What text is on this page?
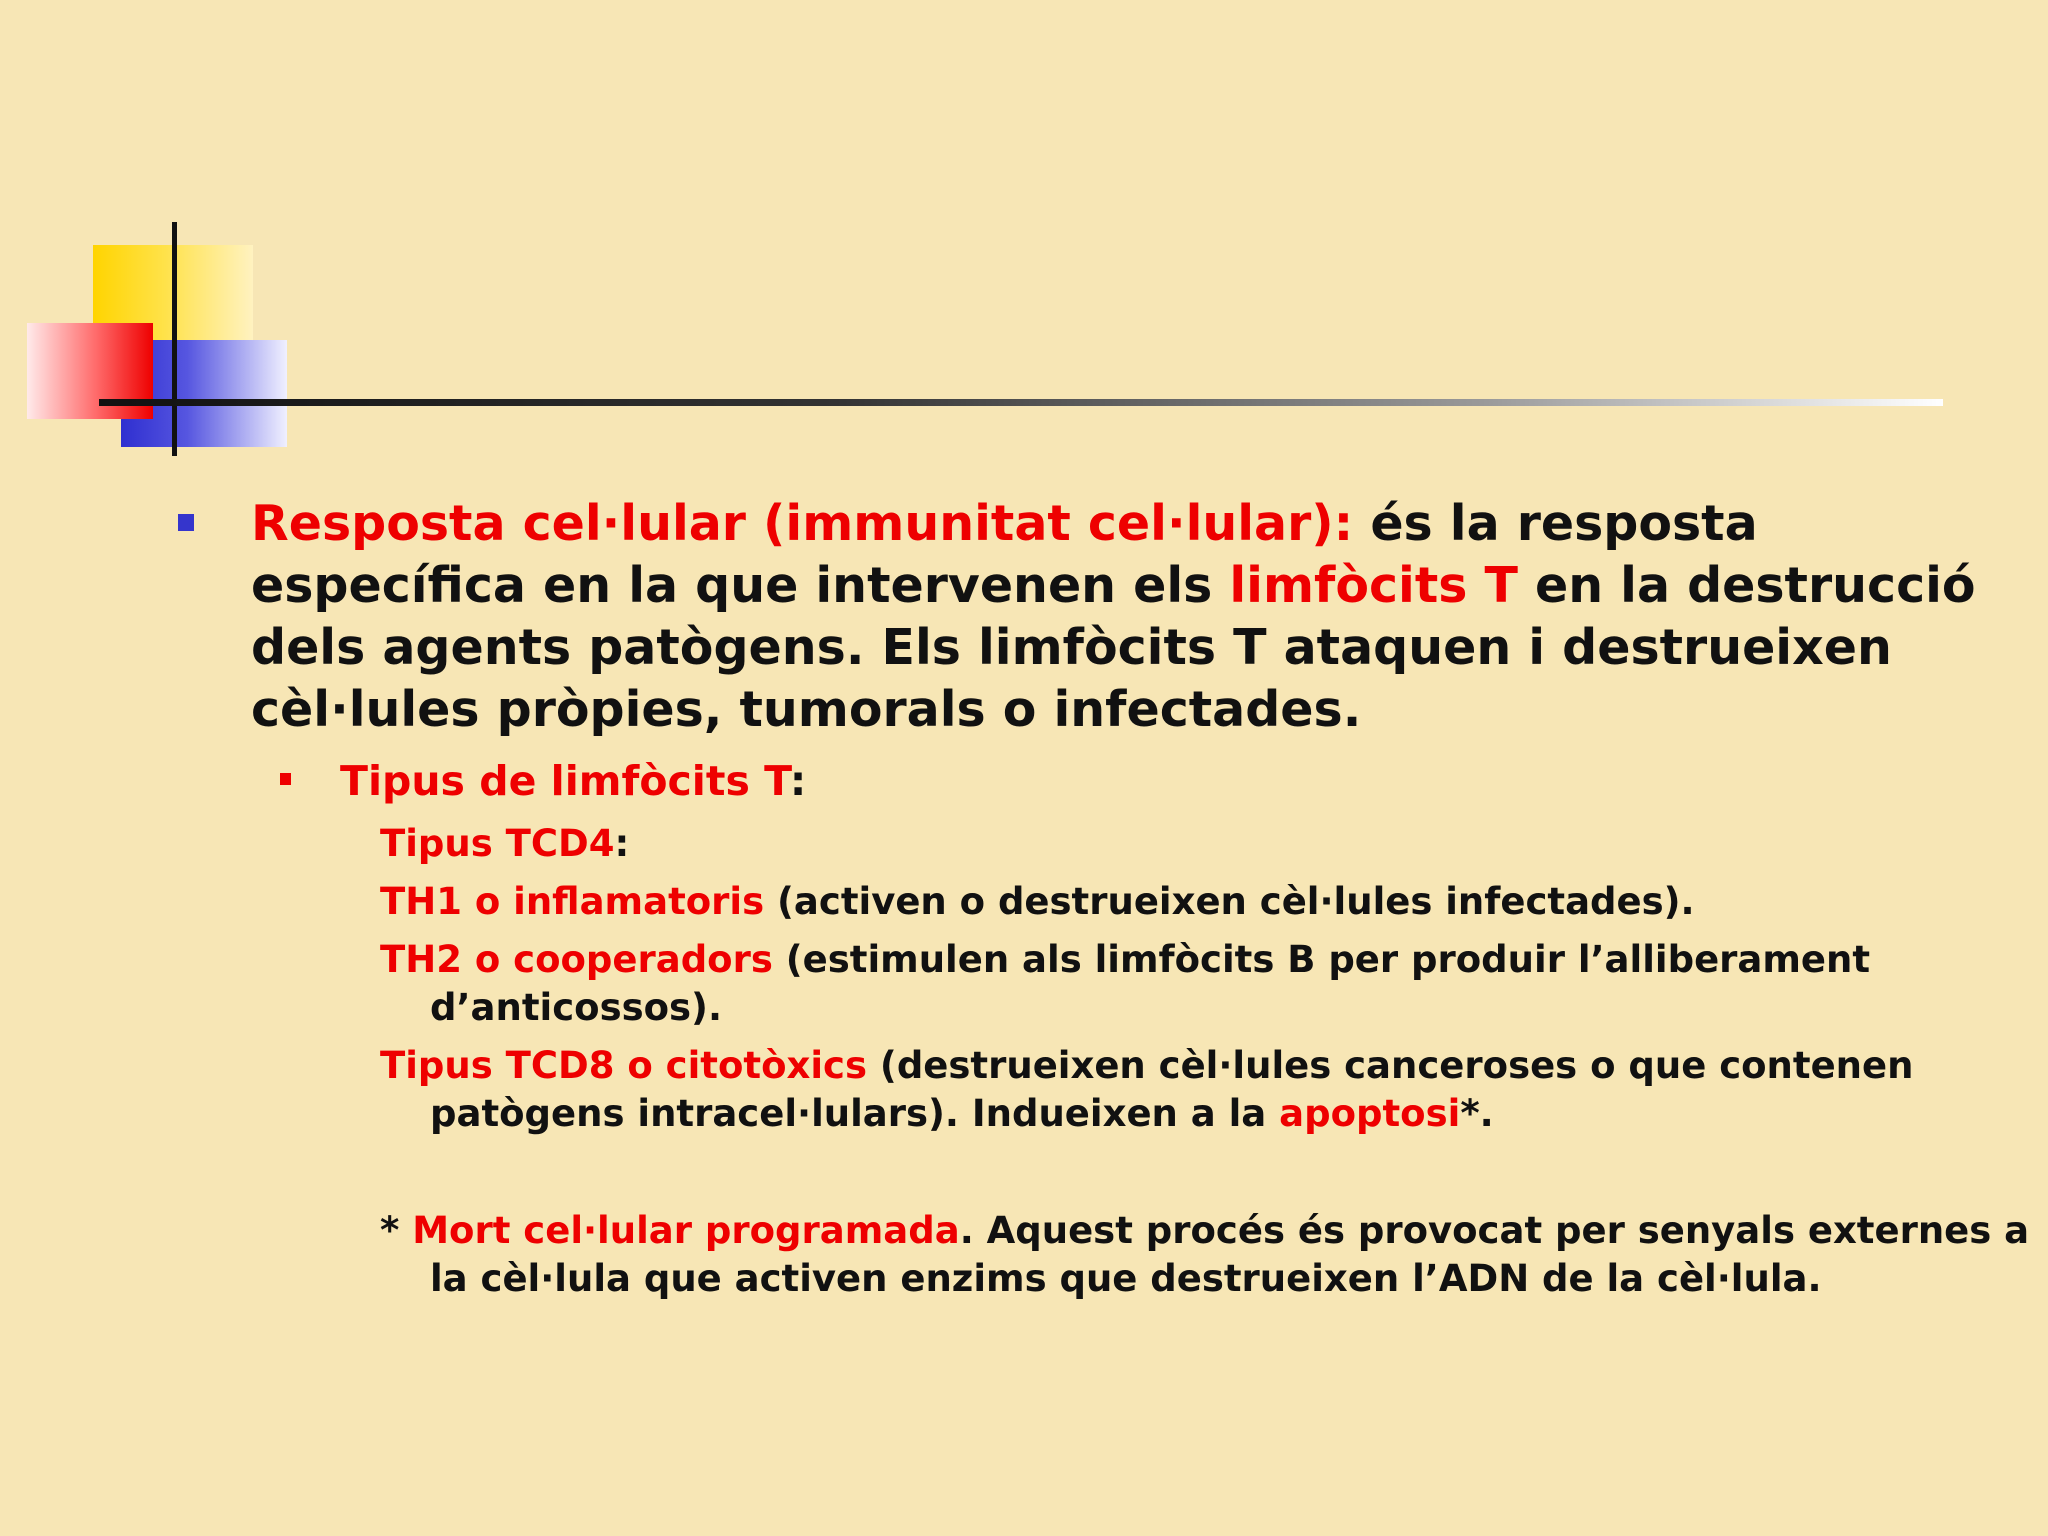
Resposta cel·lular (immunitat cel·lular): és la resposta específica en la que intervenen els limfòcits T en la destrucció dels agents patògens. Els limfòcits T ataquen i destrueixen cèl·lules pròpies, tumorals o infectades.

Tipus de limfòcits T:

Tipus TCD4:

TH1 o inflamatoris (activen o destrueixen cèl·lules infectades).

TH2 o cooperadors (estimulen als limfòcits B per produir l’alliberament d’anticossos).

Tipus TCD8 o citotòxics (destrueixen cèl·lules canceroses o que contenen patògens intracel·lulars). Indueixen a la apoptosi*.

* Mort cel·lular programada. Aquest procés és provocat per senyals externes a la cèl·lula que activen enzims que destrueixen l’ADN de la cèl·lula.
